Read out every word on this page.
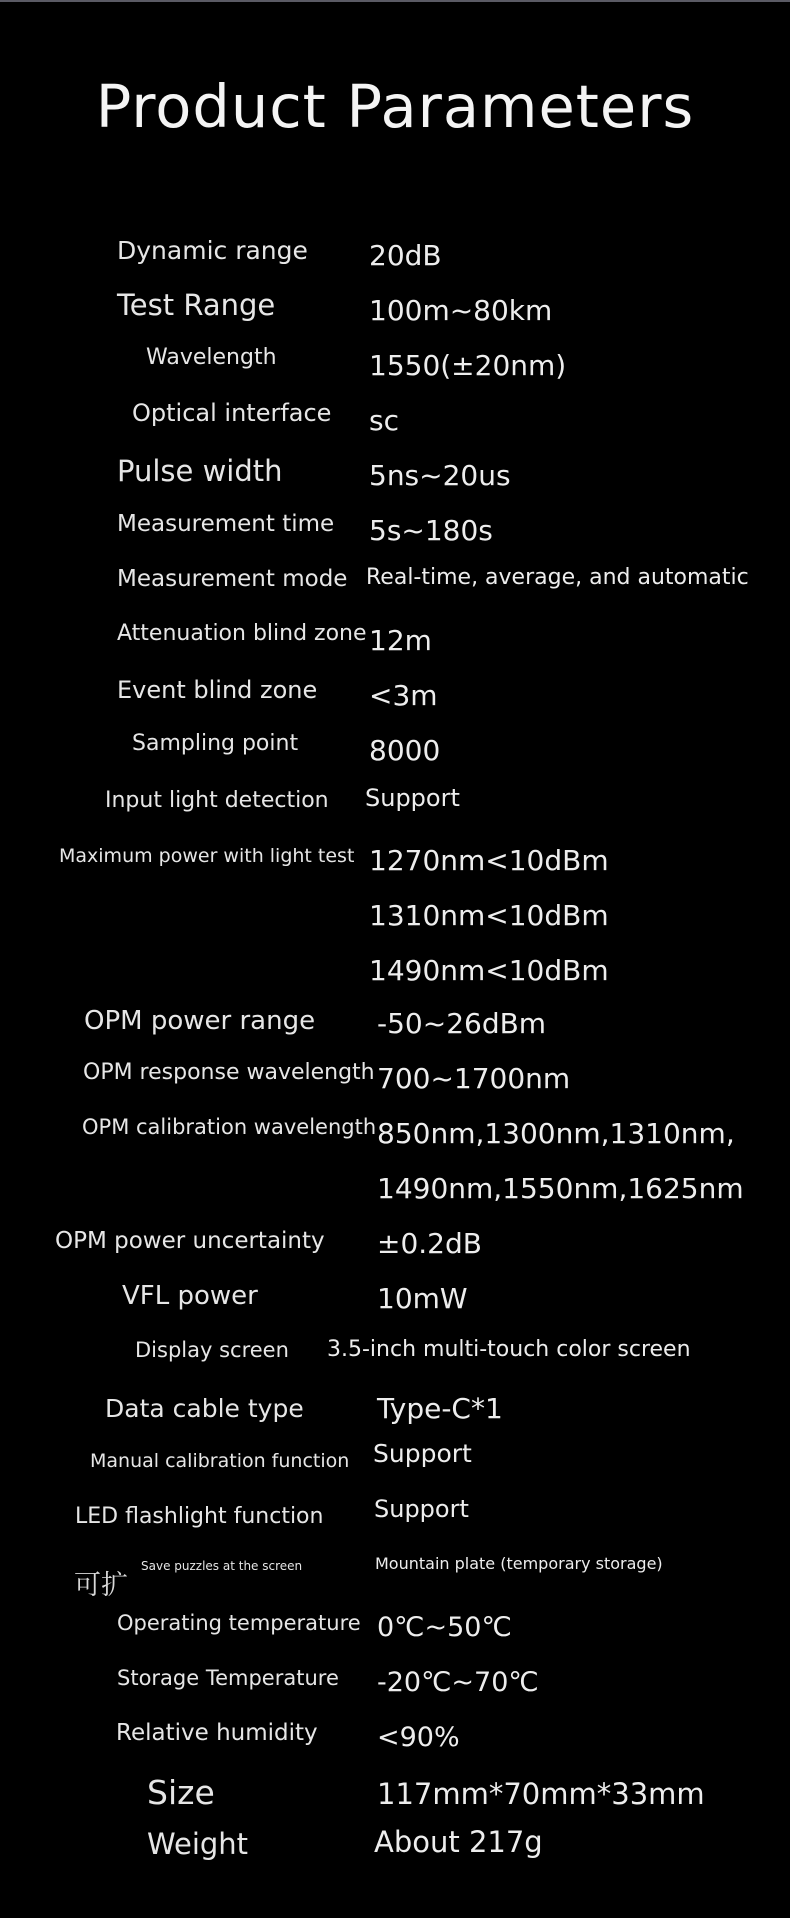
Product Parameters
可扩
Dynamic range 20dB
Test Range	100m~80km
Wavelength	1550(±20nm)
Optical interface sc
Pulse width	5ns~20us
Measurement time 5s~180s
Measurement mode Real-time, average, and automatic
Attenuation blind zone 12m
Event blind zone <3m
Sampling point	8000
Input light detection Support
Maximum power with light test 1270nm<10dBm
1310nm<10dBm
1490nm<10dBm
OPM power range -50~26dBm
OPM response wavelength 700~1700nm
OPM calibration wavelength 850nm,1300nm,1310nm,
1490nm,1550nm,1625nm
OPM power uncertainty ±0.2dB
VFL power	10mW
Display screen 3.5-inch multi-touch color screen
Data cable type	Type-C*1
Manual calibration function Support
LED flashlight function Support
Save puzzles at the screen	Mountain plate (temporary storage)
Operating temperature 0℃~50℃
Storage Temperature -20℃~70℃
Relative humidity <90%
Size	117mm*70mm*33mm
Weight	About 217g
